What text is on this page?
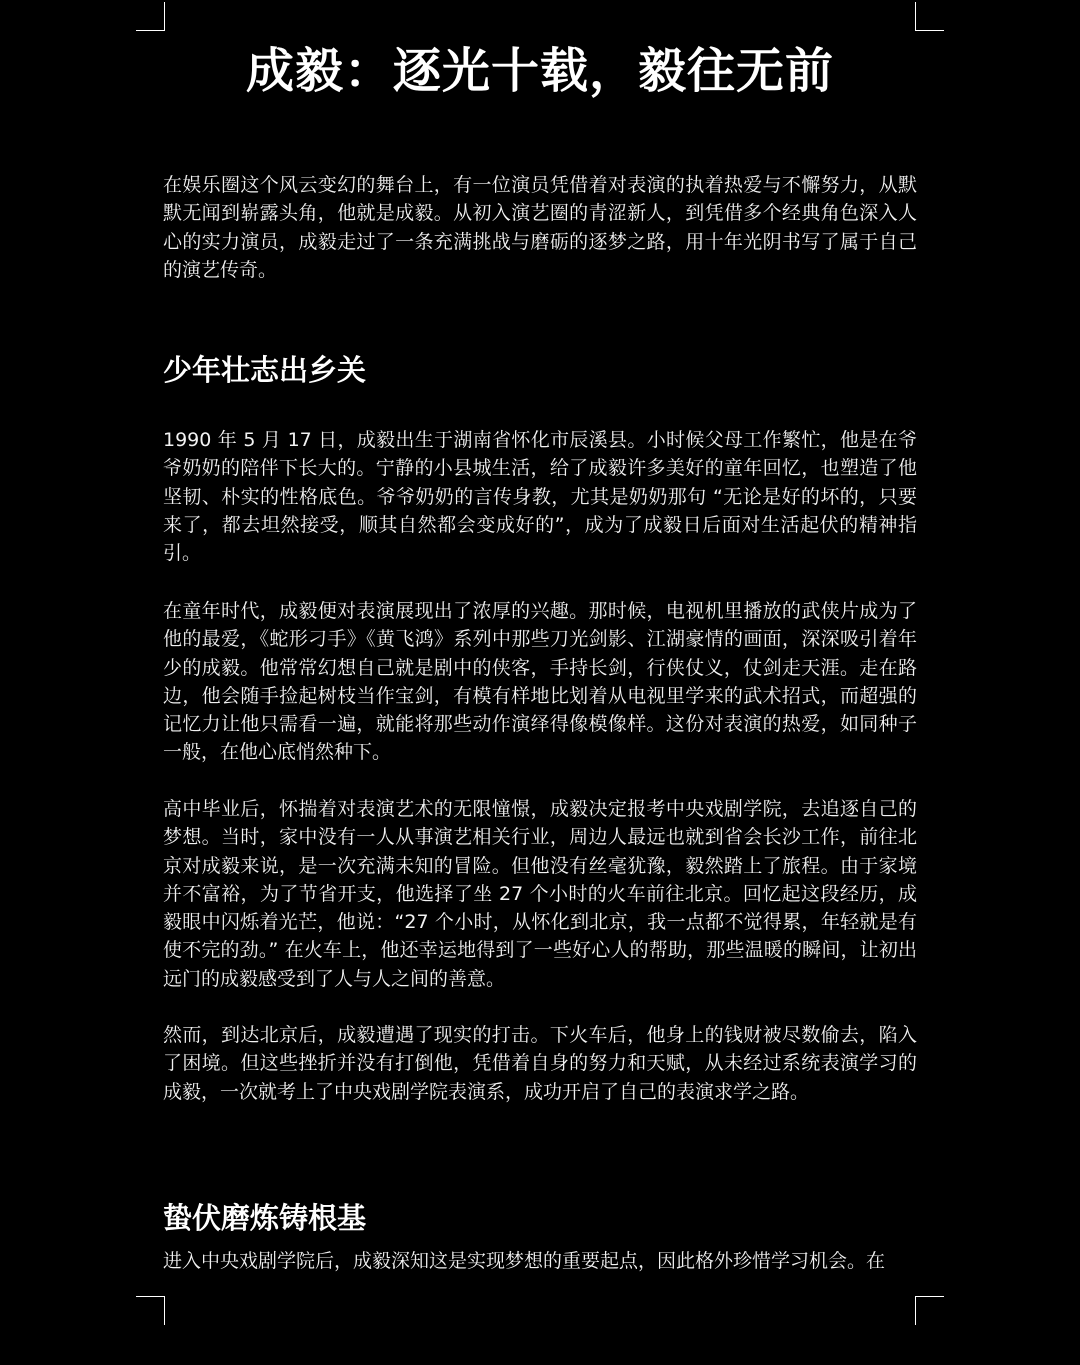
成毅：逐光十载，毅往无前

在娱乐圈这个风云变幻的舞台上，有一位演员凭借着对表演的执着热爱与不懈努力，从默默无闻到崭露头角，他就是成毅。从初入演艺圈的青涩新人，到凭借多个经典角色深入人心的实力演员，成毅走过了一条充满挑战与磨砺的逐梦之路，用十年光阴书写了属于自己的演艺传奇。

少年壮志出乡关

1990 年 5 月 17 日，成毅出生于湖南省怀化市辰溪县。小时候父母工作繁忙，他是在爷爷奶奶的陪伴下长大的。宁静的小县城生活，给了成毅许多美好的童年回忆，也塑造了他坚韧、朴实的性格底色。爷爷奶奶的言传身教，尤其是奶奶那句 “无论是好的坏的，只要来了，都去坦然接受，顺其自然都会变成好的”，成为了成毅日后面对生活起伏的精神指引。

在童年时代，成毅便对表演展现出了浓厚的兴趣。那时候，电视机里播放的武侠片成为了他的最爱，《蛇形刁手》《黄飞鸿》系列中那些刀光剑影、江湖豪情的画面，深深吸引着年少的成毅。他常常幻想自己就是剧中的侠客，手持长剑，行侠仗义，仗剑走天涯。走在路边，他会随手捡起树枝当作宝剑，有模有样地比划着从电视里学来的武术招式，而超强的记忆力让他只需看一遍，就能将那些动作演绎得像模像样。这份对表演的热爱，如同种子一般，在他心底悄然种下。

高中毕业后，怀揣着对表演艺术的无限憧憬，成毅决定报考中央戏剧学院，去追逐自己的梦想。当时，家中没有一人从事演艺相关行业，周边人最远也就到省会长沙工作，前往北京对成毅来说，是一次充满未知的冒险。但他没有丝毫犹豫，毅然踏上了旅程。由于家境并不富裕，为了节省开支，他选择了坐 27 个小时的火车前往北京。回忆起这段经历，成毅眼中闪烁着光芒，他说：“27 个小时，从怀化到北京，我一点都不觉得累，年轻就是有使不完的劲。” 在火车上，他还幸运地得到了一些好心人的帮助，那些温暖的瞬间，让初出远门的成毅感受到了人与人之间的善意。

然而，到达北京后，成毅遭遇了现实的打击。下火车后，他身上的钱财被尽数偷去，陷入了困境。但这些挫折并没有打倒他，凭借着自身的努力和天赋，从未经过系统表演学习的成毅，一次就考上了中央戏剧学院表演系，成功开启了自己的表演求学之路。

蛰伏磨炼铸根基

进入中央戏剧学院后，成毅深知这是实现梦想的重要起点，因此格外珍惜学习机会。在
